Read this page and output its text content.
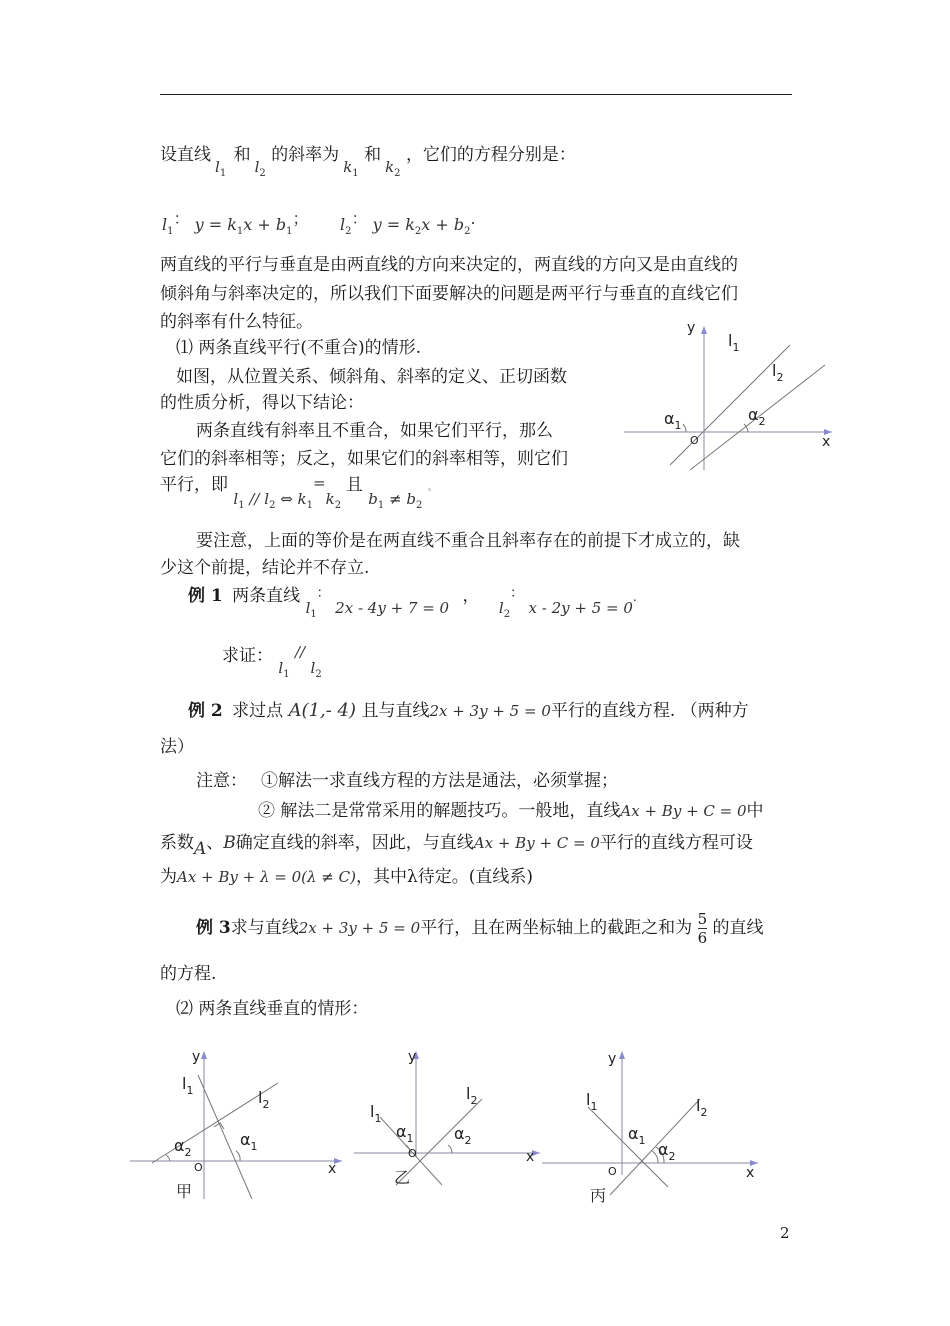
设直线$l_1$ 和$l_2$ 的斜率为$k_1$ 和$k_2$ ，它们的方程分别是：
$l_1$： $y = k_1x + b_1$； $l_2$： $y = k_2x + b_2$.
两直线的平行与垂直是由两直线的方向来决定的，两直线的方向又是由直线的
倾斜角与斜率决定的，所以我们下面要解决的问题是两平行与垂直的直线它们
的斜率有什么特征。
⑴ 两条直线平行(不重合)的情形.
如图，从位置关系、倾斜角、斜率的定义、正切函数
的性质分析，得以下结论：
两条直线有斜率且不重合，如果它们平行，那么
它们的斜率相等；反之，如果它们的斜率相等，则它们
平行，即 $l_1 // l_2$ ⇔ $k_1=k_2$ 且 $b_1 \ne b_2$ 。
y
x
O
$l_1$
$l_2$
$\alpha_1$
$\alpha_2$
要注意，上面的等价是在两直线不重合且斜率存在的前提下才成立的，缺
少这个前提，结论并不存立.
例 1 两条直线 $l_1^:$ 2x - 4y + 7 = 0 ， $l_2^:$ x - 2y + 5 = 0.
求证： $l_1 // l_2$
例 2 求过点 A(1,- 4) 且与直线2x + 3y + 5 = 0平行的直线方程. （两种方
法）
注意： ①解法一求直线方程的方法是通法，必须掌握；
② 解法二是常常采用的解题技巧。一般地，直线Ax + By + C = 0中
系数A、B确定直线的斜率，因此，与直线Ax + By + C = 0平行的直线方程可设
为Ax + By + λ = 0(λ ≠ C)，其中λ待定。(直线系)
例 3求与直线2x + 3y + 5 = 0平行，且在两坐标轴上的截距之和为 $\frac{5}{6}$ 的直线
的方程.
⑵ 两条直线垂直的情形：
y
x
O
$l_1$	$l_2$
$\alpha_1$
$\alpha_2$
甲
y
x
O
$l_1$
$l_2$
$\alpha_1$	$\alpha_2$
乙
y
x
O
$l_1$	$l_2$
$\alpha_1$ $\alpha_2$
丙
2
